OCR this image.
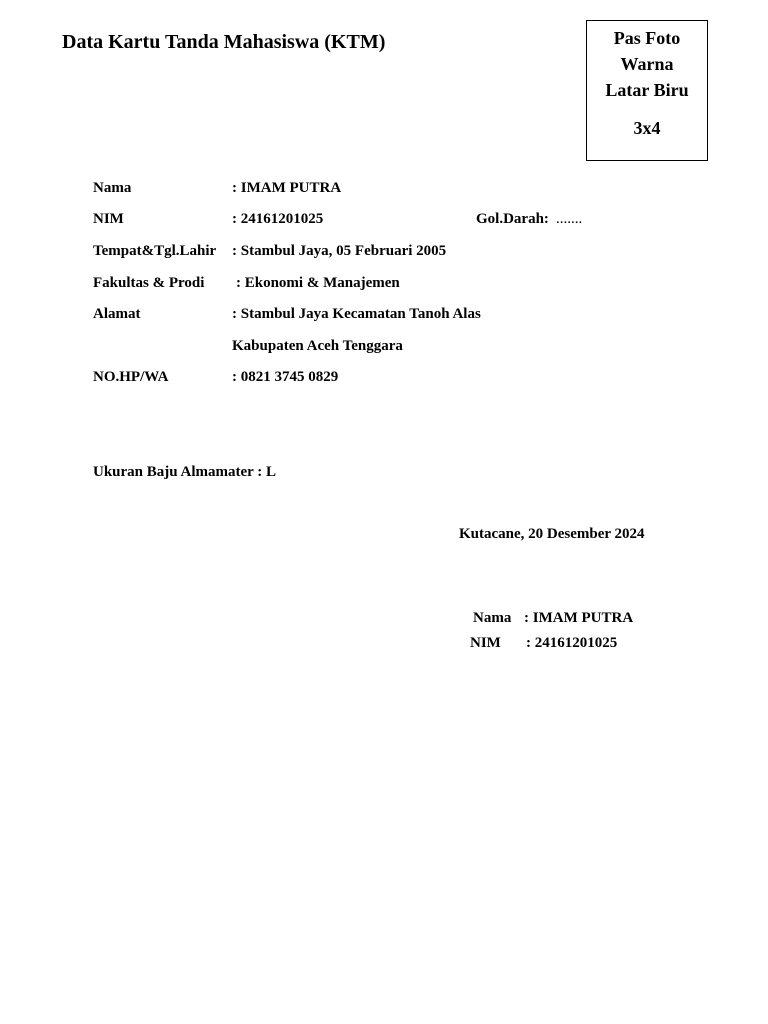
Data Kartu Tanda Mahasiswa (KTM)	Pas Foto
Warna
Latar Biru
3x4
Nama	: IMAM PUTRA
NIM	: 24161201025	Gol.Darah: .......
Tempat&Tgl.Lahir : Stambul Jaya, 05 Februari 2005
Fakultas & Prodi : Ekonomi & Manajemen
Alamat	: Stambul Jaya Kecamatan Tanoh Alas
Kabupaten Aceh Tenggara
NO.HP/WA	: 0821 3745 0829
Ukuran Baju Almamater : L
Kutacane, 20 Desember 2024
Nama : IMAM PUTRA
NIM : 24161201025
